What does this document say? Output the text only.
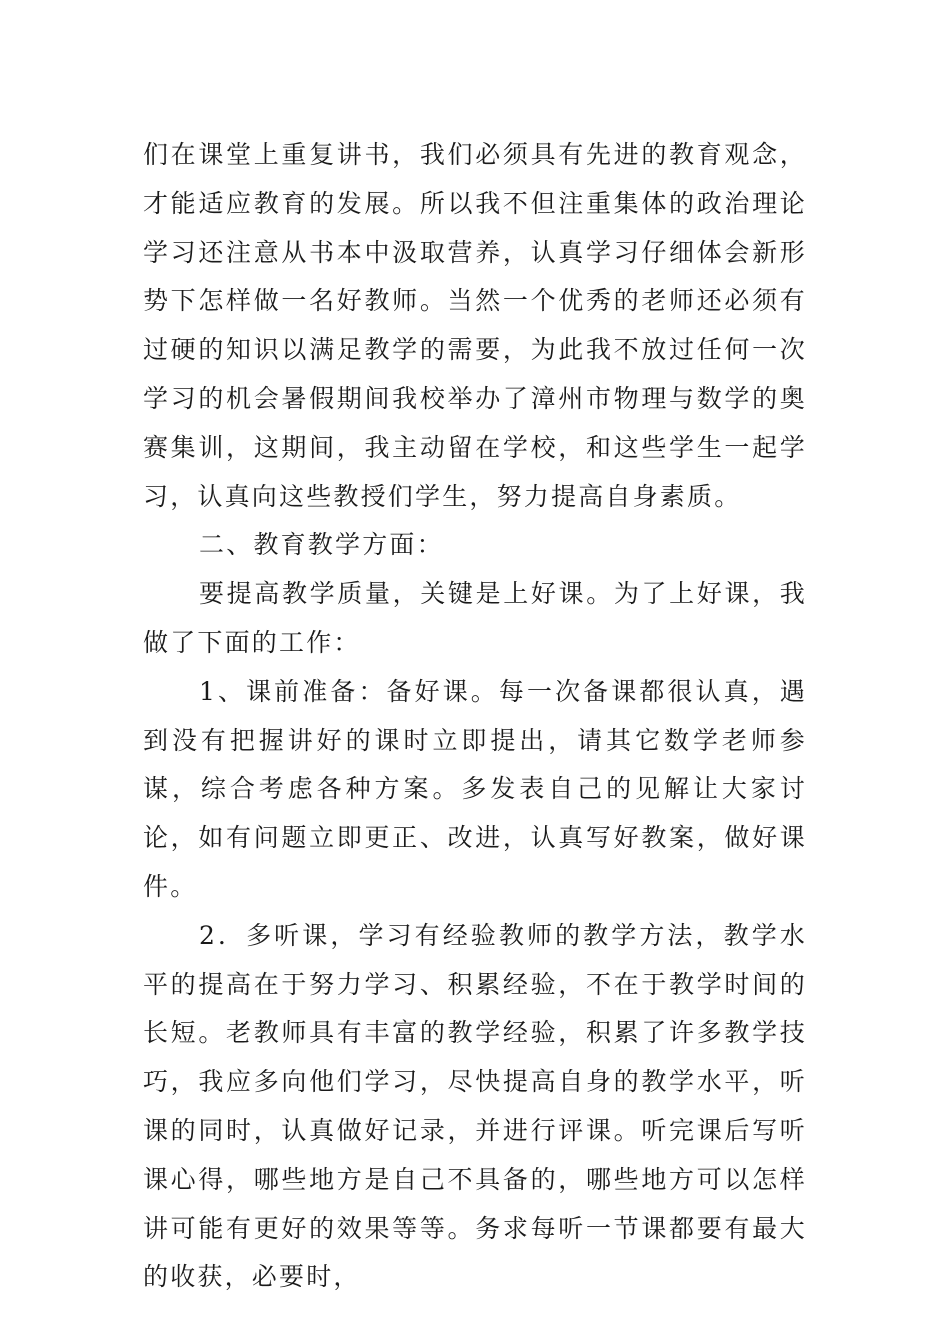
们在课堂上重复讲书，我们必须具有先进的教育观念，才能适应教育的发展。所以我不但注重集体的政治理论学习还注意从书本中汲取营养，认真学习仔细体会新形势下怎样做一名好教师。当然一个优秀的老师还必须有过硬的知识以满足教学的需要，为此我不放过任何一次学习的机会暑假期间我校举办了漳州市物理与数学的奥赛集训，这期间，我主动留在学校，和这些学生一起学习，认真向这些教授们学生，努力提高自身素质。

二、教育教学方面：

要提高教学质量，关键是上好课。为了上好课，我做了下面的工作：

1、课前准备：备好课。每一次备课都很认真，遇到没有把握讲好的课时立即提出，请其它数学老师参谋，综合考虑各种方案。多发表自己的见解让大家讨论，如有问题立即更正、改进，认真写好教案，做好课件。

2．多听课，学习有经验教师的教学方法，教学水平的提高在于努力学习、积累经验，不在于教学时间的长短。老教师具有丰富的教学经验，积累了许多教学技巧，我应多向他们学习，尽快提高自身的教学水平，听课的同时，认真做好记录，并进行评课。听完课后写听课心得，哪些地方是自己不具备的，哪些地方可以怎样讲可能有更好的效果等等。务求每听一节课都要有最大的收获，必要时，
